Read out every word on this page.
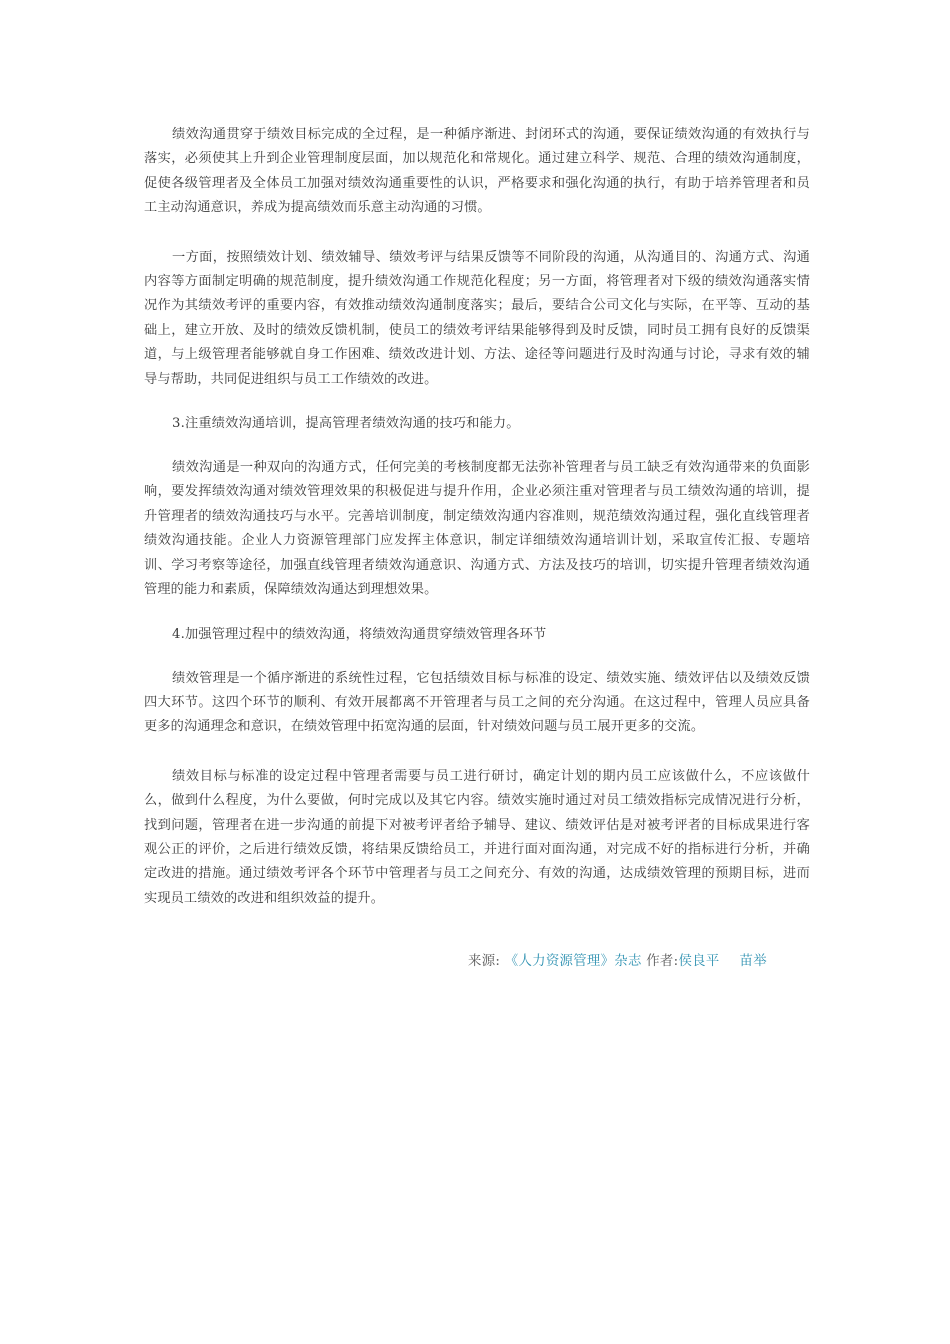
绩效沟通贯穿于绩效目标完成的全过程，是一种循序渐进、封闭环式的沟通，要保证绩效沟通的有效执行与落实，必须使其上升到企业管理制度层面，加以规范化和常规化。通过建立科学、规范、合理的绩效沟通制度，促使各级管理者及全体员工加强对绩效沟通重要性的认识，严格要求和强化沟通的执行，有助于培养管理者和员工主动沟通意识，养成为提高绩效而乐意主动沟通的习惯。

一方面，按照绩效计划、绩效辅导、绩效考评与结果反馈等不同阶段的沟通，从沟通目的、沟通方式、沟通内容等方面制定明确的规范制度，提升绩效沟通工作规范化程度；另一方面，将管理者对下级的绩效沟通落实情况作为其绩效考评的重要内容，有效推动绩效沟通制度落实；最后，要结合公司文化与实际，在平等、互动的基础上，建立开放、及时的绩效反馈机制，使员工的绩效考评结果能够得到及时反馈，同时员工拥有良好的反馈渠道，与上级管理者能够就自身工作困难、绩效改进计划、方法、途径等问题进行及时沟通与讨论，寻求有效的辅导与帮助，共同促进组织与员工工作绩效的改进。

3.注重绩效沟通培训，提高管理者绩效沟通的技巧和能力。

绩效沟通是一种双向的沟通方式，任何完美的考核制度都无法弥补管理者与员工缺乏有效沟通带来的负面影响，要发挥绩效沟通对绩效管理效果的积极促进与提升作用，企业必须注重对管理者与员工绩效沟通的培训，提升管理者的绩效沟通技巧与水平。完善培训制度，制定绩效沟通内容准则，规范绩效沟通过程，强化直线管理者绩效沟通技能。企业人力资源管理部门应发挥主体意识，制定详细绩效沟通培训计划，采取宣传汇报、专题培训、学习考察等途径，加强直线管理者绩效沟通意识、沟通方式、方法及技巧的培训，切实提升管理者绩效沟通管理的能力和素质，保障绩效沟通达到理想效果。

4.加强管理过程中的绩效沟通，将绩效沟通贯穿绩效管理各环节

绩效管理是一个循序渐进的系统性过程，它包括绩效目标与标准的设定、绩效实施、绩效评估以及绩效反馈四大环节。这四个环节的顺利、有效开展都离不开管理者与员工之间的充分沟通。在这过程中，管理人员应具备更多的沟通理念和意识，在绩效管理中拓宽沟通的层面，针对绩效问题与员工展开更多的交流。

绩效目标与标准的设定过程中管理者需要与员工进行研讨，确定计划的期内员工应该做什么，不应该做什么，做到什么程度，为什么要做，何时完成以及其它内容。绩效实施时通过对员工绩效指标完成情况进行分析，找到问题，管理者在进一步沟通的前提下对被考评者给予辅导、建议、绩效评估是对被考评者的目标成果进行客观公正的评价，之后进行绩效反馈，将结果反馈给员工，并进行面对面沟通，对完成不好的指标进行分析，并确定改进的措施。通过绩效考评各个环节中管理者与员工之间充分、有效的沟通，达成绩效管理的预期目标，进而实现员工绩效的改进和组织效益的提升。

来源: 《人力资源管理》杂志 作者:侯良平 苗举
